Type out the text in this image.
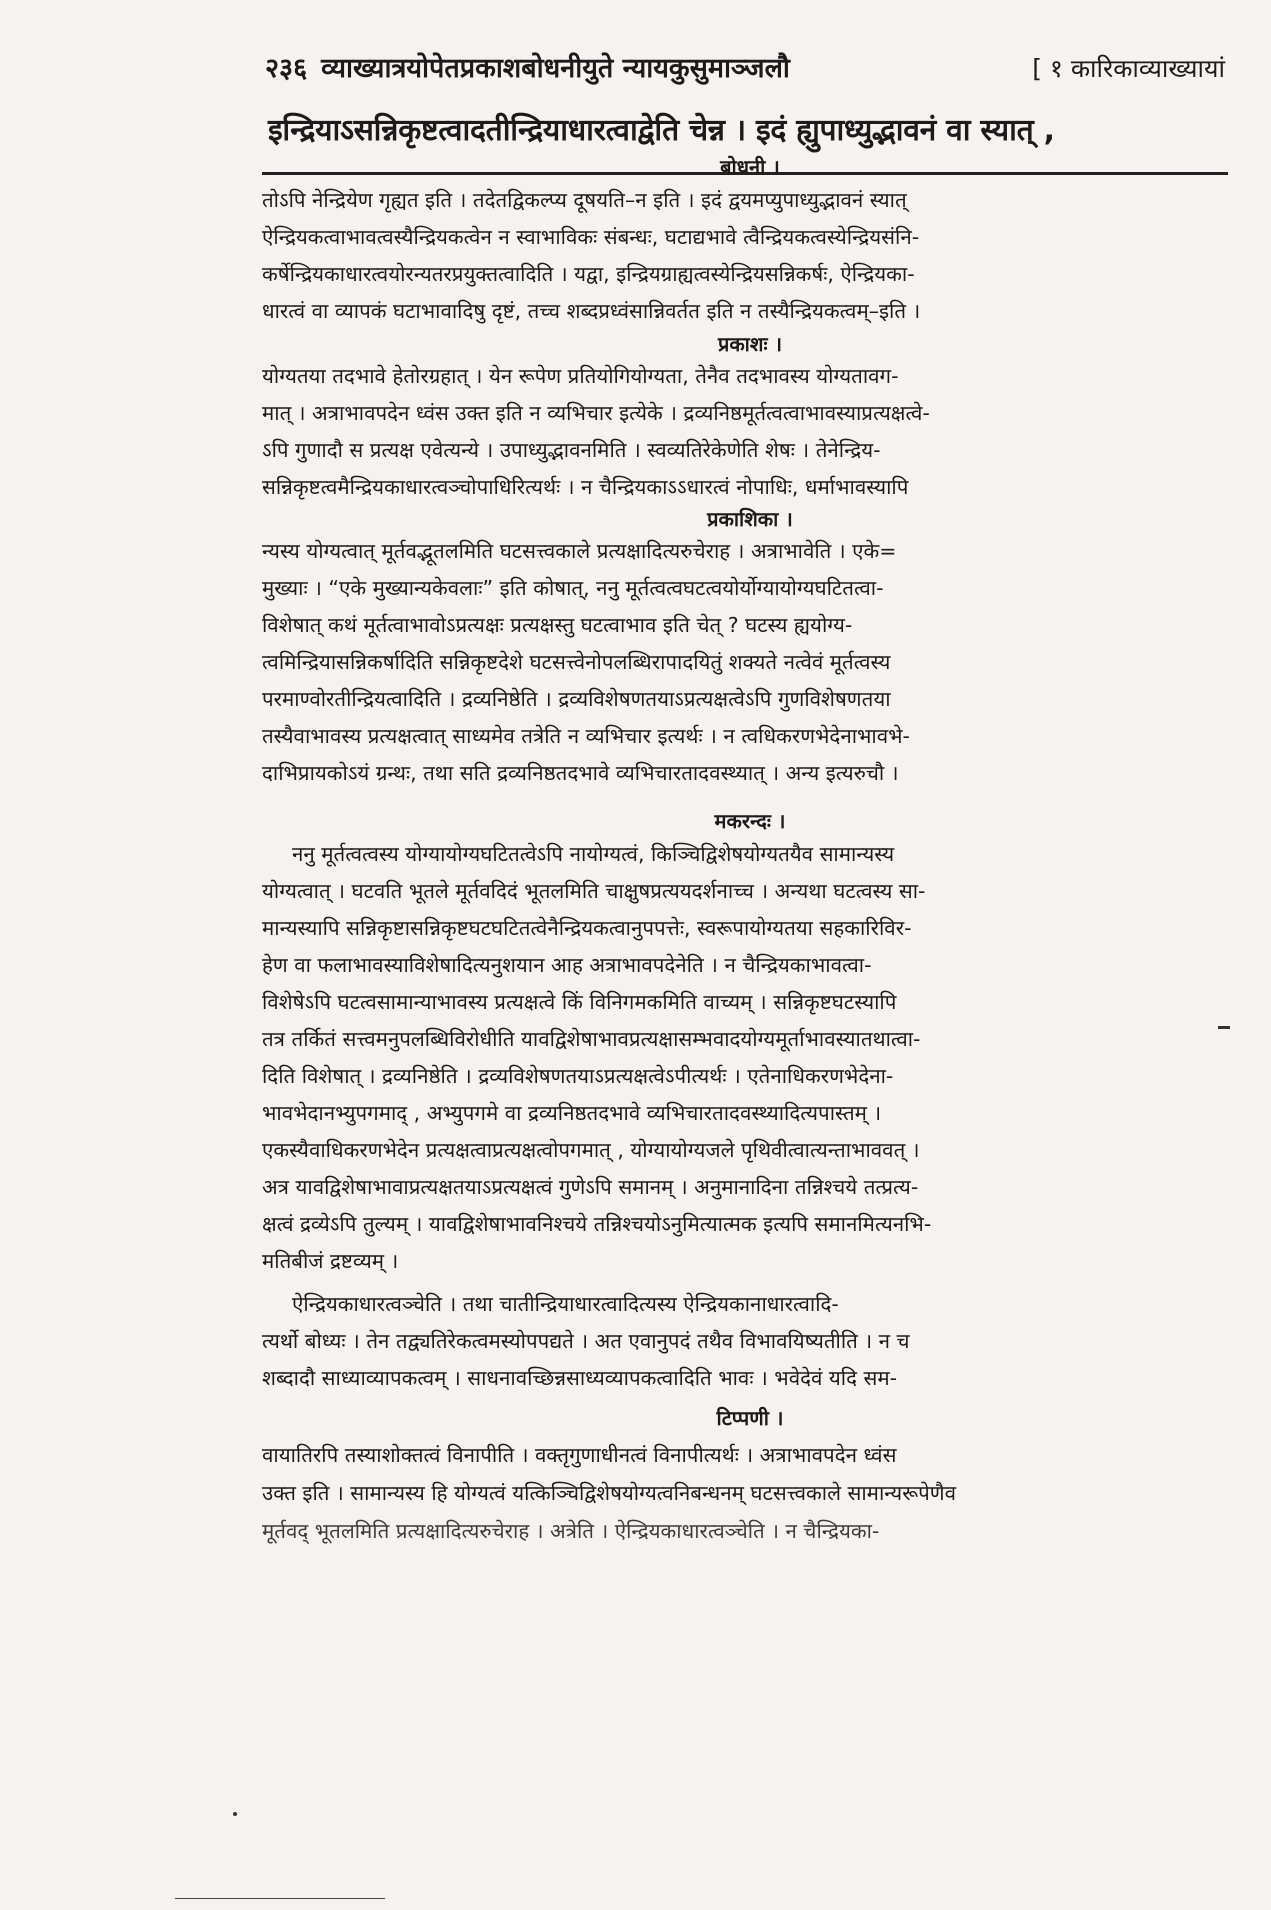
२३६ व्याख्यात्रयोपेतप्रकाशबोधनीयुते न्यायकुसुमाञ्जलौ	[ १ कारिकाव्याख्यायां
इन्द्रियाऽसन्निकृष्टत्वादतीन्द्रियाधारत्वाद्वेति चेन्न । इदं ह्युपाध्युद्भावनं वा स्यात् ,
बोधनी ।
तोऽपि नेन्द्रियेण गृह्यत इति । तदेतद्विकल्प्य दूषयति–न इति । इदं द्वयमप्युपाध्युद्भावनं स्यात्
ऐन्द्रियकत्वाभावत्वस्यैन्द्रियकत्वेन न स्वाभाविकः संबन्धः, घटाद्यभावे त्वैन्द्रियकत्वस्येन्द्रियसंनि-
कर्षेन्द्रियकाधारत्वयोरन्यतरप्रयुक्तत्वादिति । यद्वा, इन्द्रियग्राह्यत्वस्येन्द्रियसन्निकर्षः, ऐन्द्रियका-
धारत्वं वा व्यापकं घटाभावादिषु दृष्टं, तच्च शब्दप्रध्वंसान्निवर्तत इति न तस्यैन्द्रियकत्वम्–इति ।
प्रकाशः ।
योग्यतया तदभावे हेतोरग्रहात् । येन रूपेण प्रतियोगियोग्यता, तेनैव तदभावस्य योग्यतावग-
मात् । अत्राभावपदेन ध्वंस उक्त इति न व्यभिचार इत्येके । द्रव्यनिष्ठमूर्तत्वत्वाभावस्याप्रत्यक्षत्वे-
ऽपि गुणादौ स प्रत्यक्ष एवेत्यन्ये । उपाध्युद्भावनमिति । स्वव्यतिरेकेणेति शेषः । तेनेन्द्रिय-
सन्निकृष्टत्वमैन्द्रियकाधारत्वञ्चोपाधिरित्यर्थः । न चैन्द्रियकाऽऽधारत्वं नोपाधिः, धर्माभावस्यापि
प्रकाशिका ।
न्यस्य योग्यत्वात् मूर्तवद्भूतलमिति घटसत्त्वकाले प्रत्यक्षादित्यरुचेराह । अत्राभावेति । एके=
मुख्याः । “एके मुख्यान्यकेवलाः” इति कोषात्, ननु मूर्तत्वत्वघटत्वयोर्योग्यायोग्यघटितत्वा-
विशेषात् कथं मूर्तत्वाभावोऽप्रत्यक्षः प्रत्यक्षस्तु घटत्वाभाव इति चेत् ? घटस्य ह्ययोग्य-
त्वमिन्द्रियासन्निकर्षादिति सन्निकृष्टदेशे घटसत्त्वेनोपलब्धिरापादयितुं शक्यते नत्वेवं मूर्तत्वस्य
परमाण्वोरतीन्द्रियत्वादिति । द्रव्यनिष्ठेति । द्रव्यविशेषणतयाऽप्रत्यक्षत्वेऽपि गुणविशेषणतया
तस्यैवाभावस्य प्रत्यक्षत्वात् साध्यमेव तत्रेति न व्यभिचार इत्यर्थः । न त्वधिकरणभेदेनाभावभे-
दाभिप्रायकोऽयं ग्रन्थः, तथा सति द्रव्यनिष्ठतदभावे व्यभिचारतादवस्थ्यात् । अन्य इत्यरुचौ ।
मकरन्दः ।
ननु मूर्तत्वत्वस्य योग्यायोग्यघटितत्वेऽपि नायोग्यत्वं, किञ्चिद्विशेषयोग्यतयैव सामान्यस्य
योग्यत्वात् । घटवति भूतले मूर्तवदिदं भूतलमिति चाक्षुषप्रत्ययदर्शनाच्च । अन्यथा घटत्वस्य सा-
मान्यस्यापि सन्निकृष्टासन्निकृष्टघटघटितत्वेनैन्द्रियकत्वानुपपत्तेः, स्वरूपायोग्यतया सहकारिविर-
हेण वा फलाभावस्याविशेषादित्यनुशयान आह अत्राभावपदेनेति । न चैन्द्रियकाभावत्वा-
विशेषेऽपि घटत्वसामान्याभावस्य प्रत्यक्षत्वे किं विनिगमकमिति वाच्यम् । सन्निकृष्टघटस्यापि
तत्र तर्कितं सत्त्वमनुपलब्धिविरोधीति यावद्विशेषाभावप्रत्यक्षासम्भवादयोग्यमूर्ताभावस्यातथात्वा-
दिति विशेषात् । द्रव्यनिष्ठेति । द्रव्यविशेषणतयाऽप्रत्यक्षत्वेऽपीत्यर्थः । एतेनाधिकरणभेदेना-
भावभेदानभ्युपगमाद् , अभ्युपगमे वा द्रव्यनिष्ठतदभावे व्यभिचारतादवस्थ्यादित्यपास्तम् ।
एकस्यैवाधिकरणभेदेन प्रत्यक्षत्वाप्रत्यक्षत्वोपगमात् , योग्यायोग्यजले पृथिवीत्वात्यन्ताभाववत् ।
अत्र यावद्विशेषाभावाप्रत्यक्षतयाऽप्रत्यक्षत्वं गुणेऽपि समानम् । अनुमानादिना तन्निश्चये तत्प्रत्य-
क्षत्वं द्रव्येऽपि तुल्यम् । यावद्विशेषाभावनिश्चये तन्निश्चयोऽनुमित्यात्मक इत्यपि समानमित्यनभि-
मतिबीजं द्रष्टव्यम् ।
ऐन्द्रियकाधारत्वञ्चेति । तथा चातीन्द्रियाधारत्वादित्यस्य ऐन्द्रियकानाधारत्वादि-
त्यर्थो बोध्यः । तेन तद्व्यतिरेकत्वमस्योपपद्यते । अत एवानुपदं तथैव विभावयिष्यतीति । न च
शब्दादौ साध्याव्यापकत्वम् । साधनावच्छिन्नसाध्यव्यापकत्वादिति भावः । भवेदेवं यदि सम-
टिप्पणी ।
वायातिरपि तस्याशोक्तत्वं विनापीति । वक्तृगुणाधीनत्वं विनापीत्यर्थः । अत्राभावपदेन ध्वंस
उक्त इति । सामान्यस्य हि योग्यत्वं यत्किञ्चिद्विशेषयोग्यत्वनिबन्धनम् घटसत्त्वकाले सामान्यरूपेणैव
मूर्तवद् भूतलमिति प्रत्यक्षादित्यरुचेराह । अत्रेति । ऐन्द्रियकाधारत्वञ्चेति । न चैन्द्रियका-
